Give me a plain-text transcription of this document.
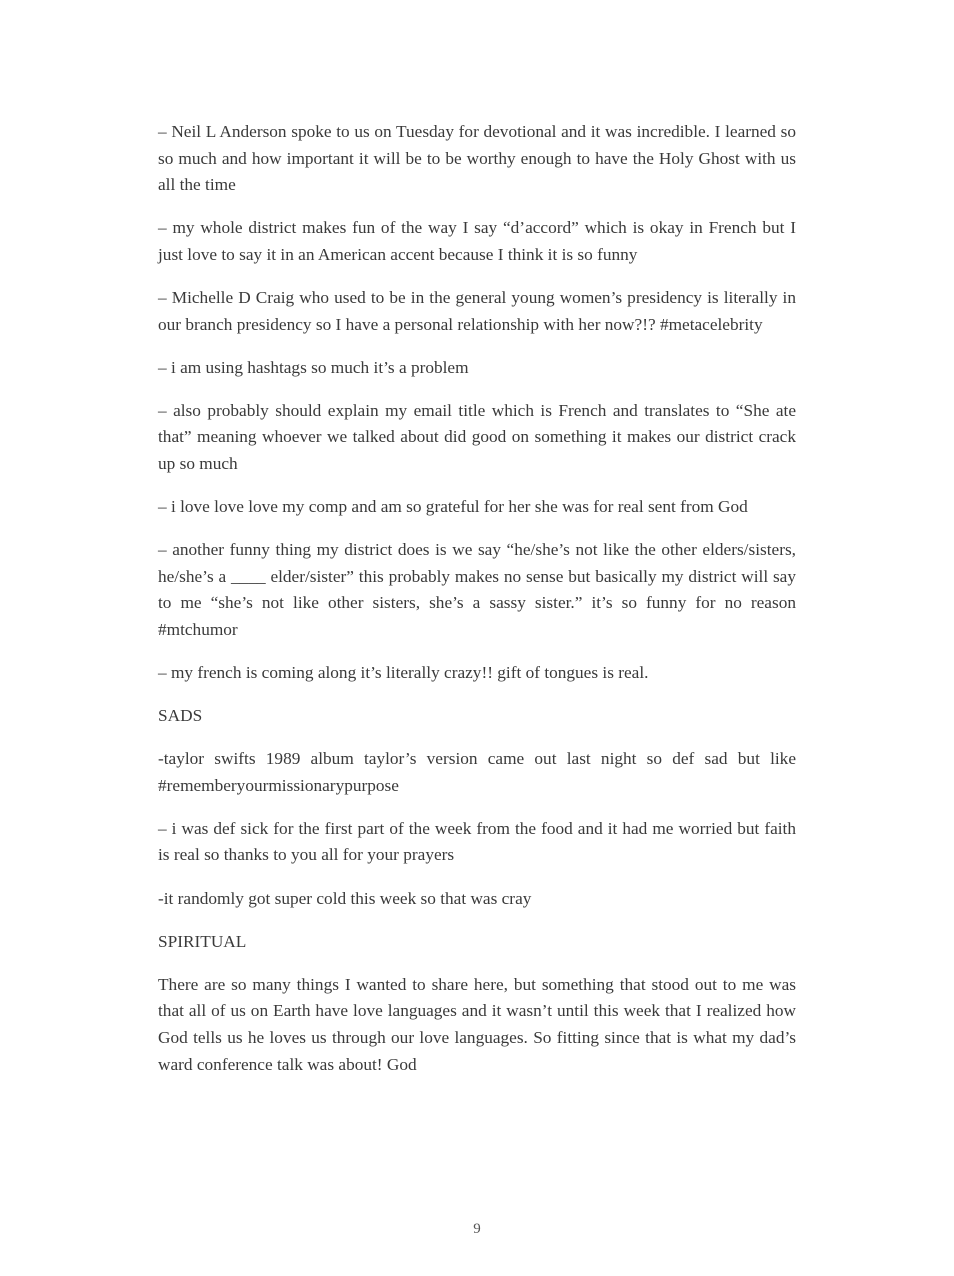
– Neil L Anderson spoke to us on Tuesday for devotional and it was incredible. I learned so so much and how important it will be to be worthy enough to have the Holy Ghost with us all the time

– my whole district makes fun of the way I say “d’accord” which is okay in French but I just love to say it in an American accent because I think it is so funny

– Michelle D Craig who used to be in the general young women’s presidency is literally in our branch presidency so I have a personal relationship with her now?!? #metacelebrity

– i am using hashtags so much it’s a problem

– also probably should explain my email title which is French and translates to “She ate that” meaning whoever we talked about did good on something it makes our district crack up so much

– i love love love my comp and am so grateful for her she was for real sent from God

– another funny thing my district does is we say “he/she’s not like the other elders/sisters, he/she’s a ____ elder/sister” this probably makes no sense but basically my district will say to me “she’s not like other sisters, she’s a sassy sister.” it’s so funny for no reason #mtchumor

– my french is coming along it’s literally crazy!! gift of tongues is real.

SADS

-taylor swifts 1989 album taylor’s version came out last night so def sad but like #rememberyourmissionarypurpose

– i was def sick for the first part of the week from the food and it had me worried but faith is real so thanks to you all for your prayers

-it randomly got super cold this week so that was cray

SPIRITUAL

There are so many things I wanted to share here, but something that stood out to me was that all of us on Earth have love languages and it wasn’t until this week that I realized how God tells us he loves us through our love languages. So fitting since that is what my dad’s ward conference talk was about! God

9
